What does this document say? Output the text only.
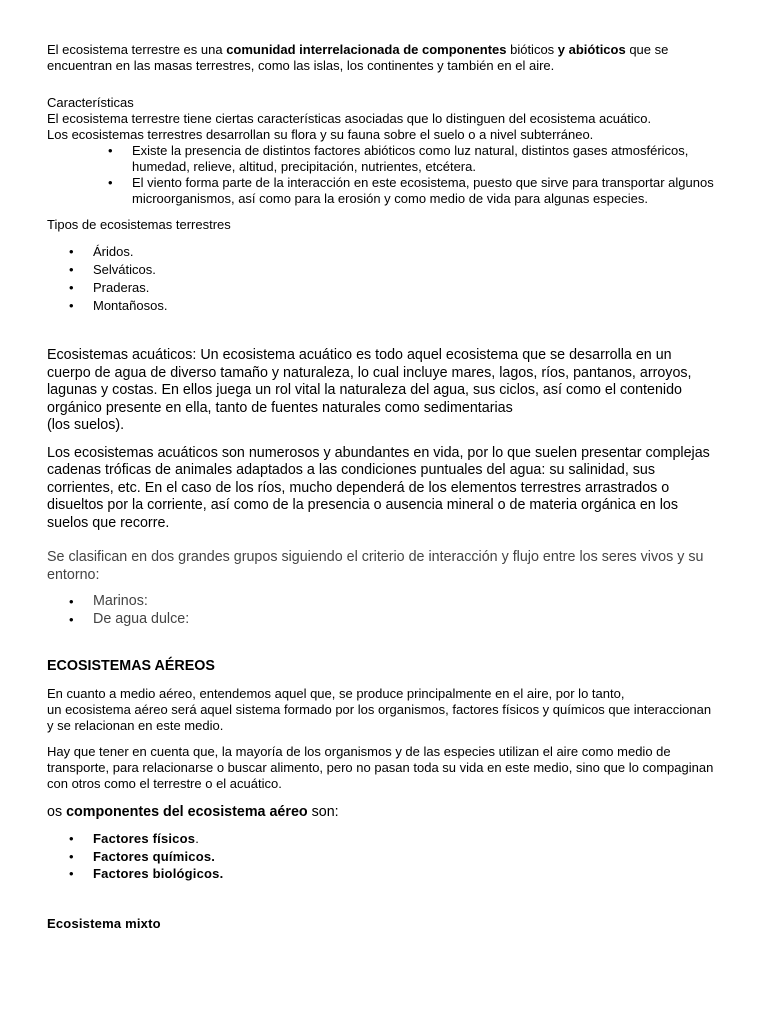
El ecosistema terrestre es una comunidad interrelacionada de componentes bióticos y abióticos que se encuentran en las masas terrestres, como las islas, los continentes y también en el aire.

Características

El ecosistema terrestre tiene ciertas características asociadas que lo distinguen del ecosistema acuático.

Los ecosistemas terrestres desarrollan su flora y su fauna sobre el suelo o a nivel subterráneo.

• Existe la presencia de distintos factores abióticos como luz natural, distintos gases atmosféricos, humedad, relieve, altitud, precipitación, nutrientes, etcétera.
• El viento forma parte de la interacción en este ecosistema, puesto que sirve para transportar algunos microorganismos, así como para la erosión y como medio de vida para algunas especies.

Tipos de ecosistemas terrestres

• Áridos.
• Selváticos.
• Praderas.
• Montañosos.

Ecosistemas acuáticos: Un ecosistema acuático es todo aquel ecosistema que se desarrolla en un cuerpo de agua de diverso tamaño y naturaleza, lo cual incluye mares, lagos, ríos, pantanos, arroyos, lagunas y costas. En ellos juega un rol vital la naturaleza del agua, sus ciclos, así como el contenido orgánico presente en ella, tanto de fuentes naturales como sedimentarias
(los suelos).

Los ecosistemas acuáticos son numerosos y abundantes en vida, por lo que suelen presentar complejas cadenas tróficas de animales adaptados a las condiciones puntuales del agua: su salinidad, sus corrientes, etc. En el caso de los ríos, mucho dependerá de los elementos terrestres arrastrados o disueltos por la corriente, así como de la presencia o ausencia mineral o de materia orgánica en los suelos que recorre.

Se clasifican en dos grandes grupos siguiendo el criterio de interacción y flujo entre los seres vivos y su entorno:

• Marinos:
• De agua dulce:

ECOSISTEMAS AÉREOS

En cuanto a medio aéreo, entendemos aquel que, se produce principalmente en el aire, por lo tanto,
un ecosistema aéreo será aquel sistema formado por los organismos, factores físicos y químicos que interaccionan y se relacionan en este medio.

Hay que tener en cuenta que, la mayoría de los organismos y de las especies utilizan el aire como medio de transporte, para relacionarse o buscar alimento, pero no pasan toda su vida en este medio, sino que lo compaginan con otros como el terrestre o el acuático.

os componentes del ecosistema aéreo son:

• Factores físicos.
• Factores químicos.
• Factores biológicos.

Ecosistema mixto
